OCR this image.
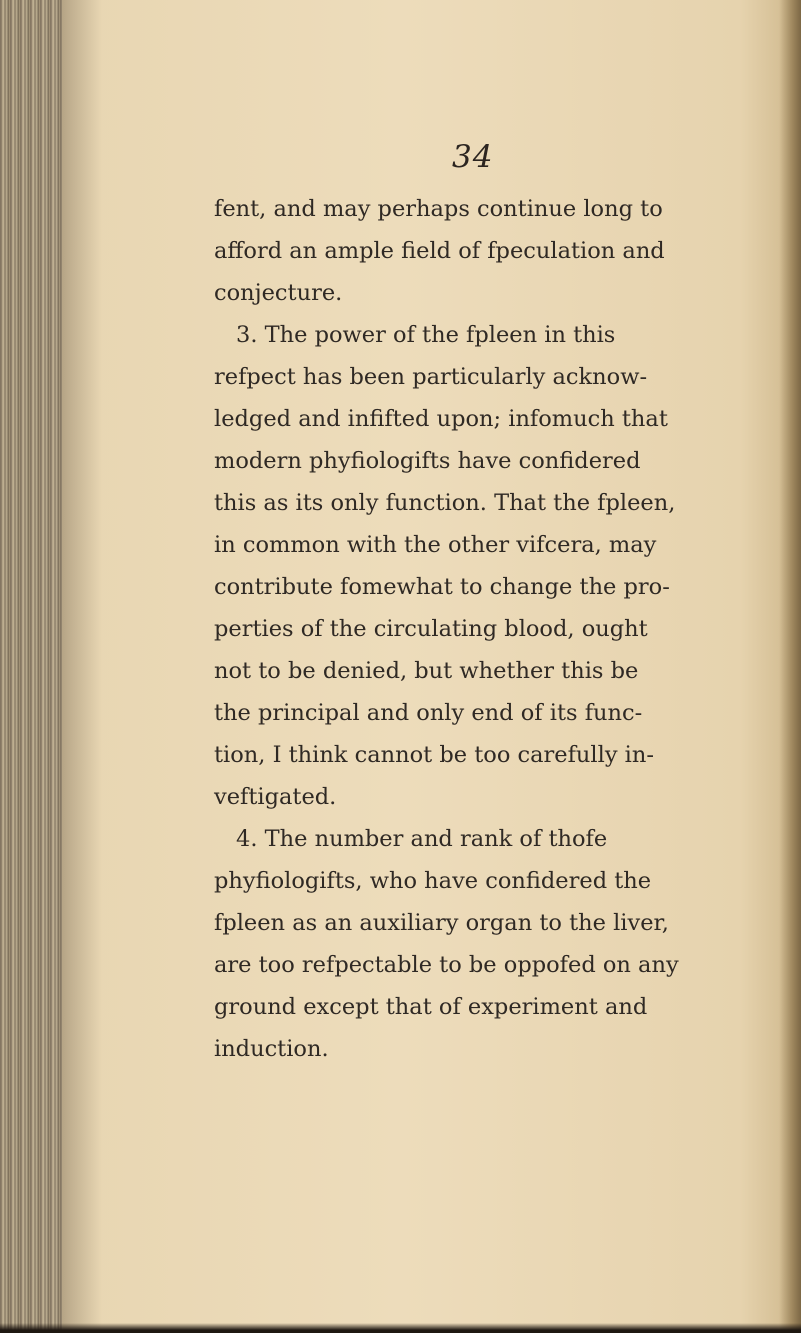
34
fent, and may perhaps continue long to
afford an ample field of fpeculation and
conjecture.
3. The power of the fpleen in this
refpect has been particularly acknow-
ledged and infifted upon; infomuch that
modern phyfiologifts have confidered
this as its only function. That the fpleen,
in common with the other vifcera, may
contribute fomewhat to change the pro-
perties of the circulating blood, ought
not to be denied, but whether this be
the principal and only end of its func-
tion, I think cannot be too carefully in-
veftigated.
4. The number and rank of thofe
phyfiologifts, who have confidered the
fpleen as an auxiliary organ to the liver,
are too refpectable to be oppofed on any
ground except that of experiment and
induction.
